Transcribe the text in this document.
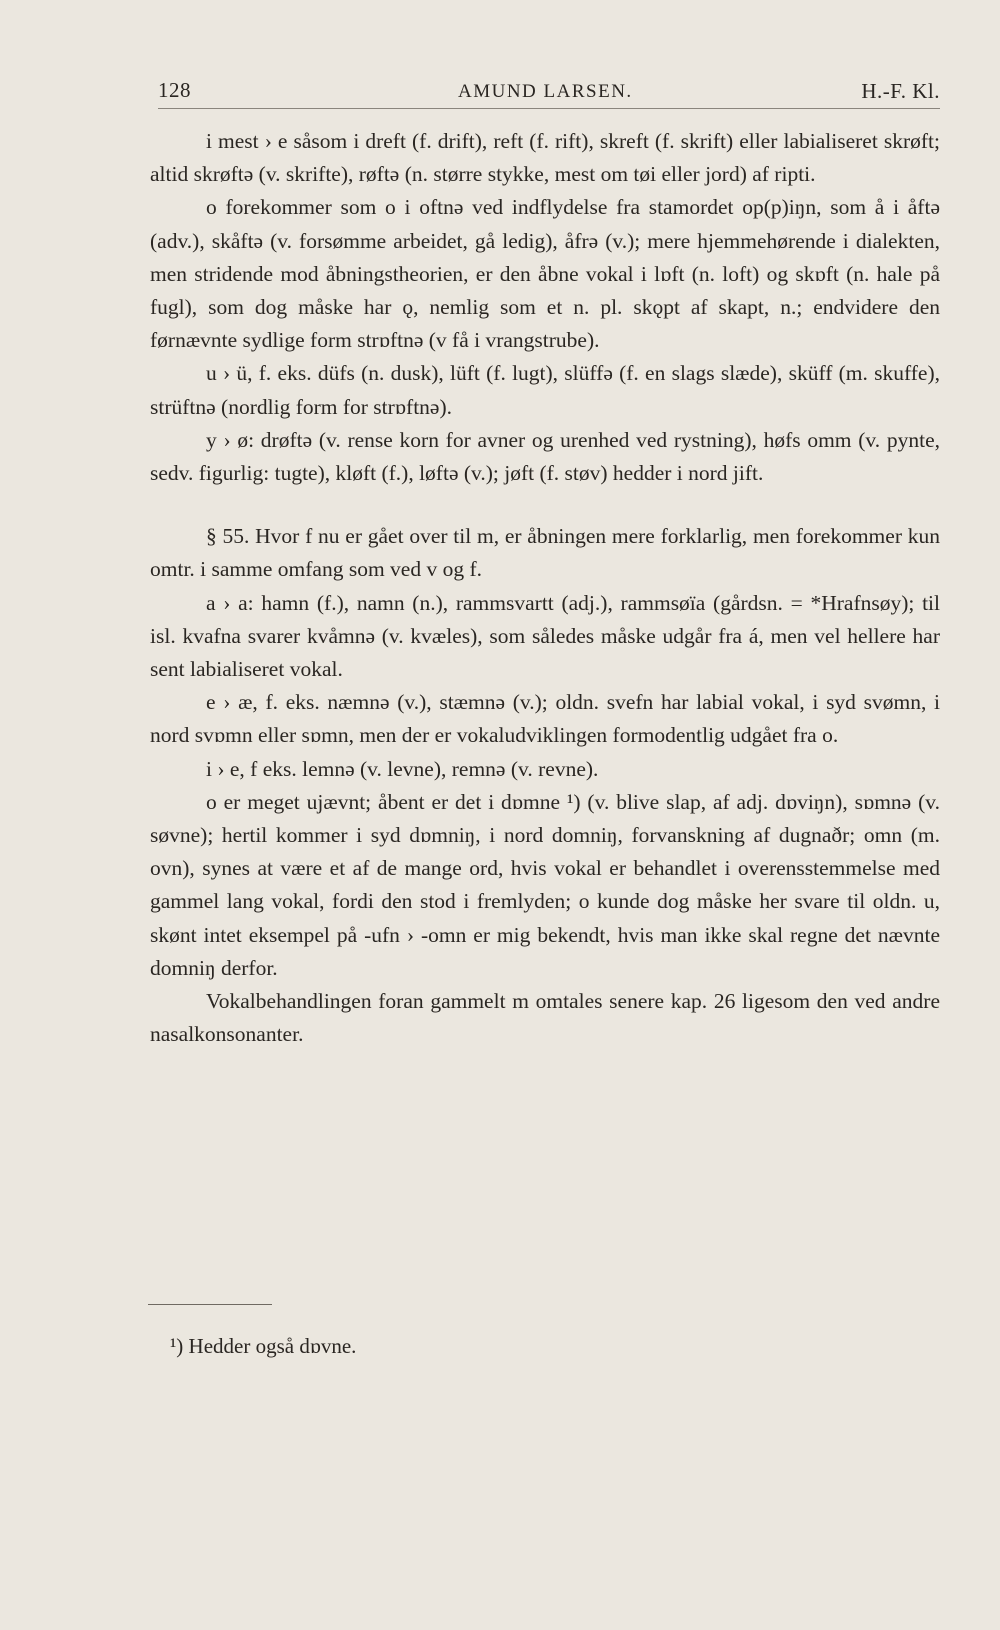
128	AMUND LARSEN.	H.-F. Kl.

i mest › e såsom i dreft (f. drift), reft (f. rift), skreft (f. skrift) eller labialiseret skrøft; altid skrøftə (v. skrifte), røftə (n. større stykke, mest om tøi eller jord) af ripti.

o forekommer som o i oftnə ved indflydelse fra stamordet op(p)iŋn, som å i åftə (adv.), skåftə (v. forsømme arbeidet, gå ledig), åfrə (v.); mere hjemmehørende i dialekten, men stridende mod åbningstheorien, er den åbne vokal i lɒft (n. loft) og skɒft (n. hale på fugl), som dog måske har ǫ, nemlig som et n. pl. skǫpt af skapt, n.; endvidere den førnævnte sydlige form strɒftnə (v få i vrangstrube).

u › ü, f. eks. düfs (n. dusk), lüft (f. lugt), slüffə (f. en slags slæde), sküff (m. skuffe), strüftnə (nordlig form for strɒftnə).

y › ø: drøftə (v. rense korn for avner og urenhed ved rystning), høfs omm (v. pynte, sedv. figurlig: tugte), kløft (f.), løftə (v.); jøft (f. støv) hedder i nord jift.

§ 55. Hvor f nu er gået over til m, er åbningen mere forklarlig, men forekommer kun omtr. i samme omfang som ved v og f.

a › a: hamn (f.), namn (n.), rammsvartt (adj.), rammsøïa (gårdsn. = *Hrafnsøy); til isl. kvafna svarer kvåmnə (v. kvæles), som således måske udgår fra á, men vel hellere har sent labialiseret vokal.

e › æ, f. eks. næmnə (v.), stæmnə (v.); oldn. svefn har labial vokal, i syd svømn, i nord svɒmn eller sɒmn, men der er vokaludviklingen formodentlig udgået fra o.

i › e, f eks. lemnə (v. levne), remnə (v. revne).

o er meget ujævnt; åbent er det i dɒmne ¹) (v. blive slap, af adj. dɒviŋn), sɒmnə (v. søvne); hertil kommer i syd dɒmniŋ, i nord domniŋ, forvanskning af dugnaðr; omn (m. ovn), synes at være et af de mange ord, hvis vokal er behandlet i overensstemmelse med gammel lang vokal, fordi den stod i fremlyden; o kunde dog måske her svare til oldn. u, skønt intet eksempel på -ufn › -omn er mig bekendt, hvis man ikke skal regne det nævnte domniŋ derfor.

Vokalbehandlingen foran gammelt m omtales senere kap. 26 ligesom den ved andre nasalkonsonanter.

¹) Hedder også dɒvne.
